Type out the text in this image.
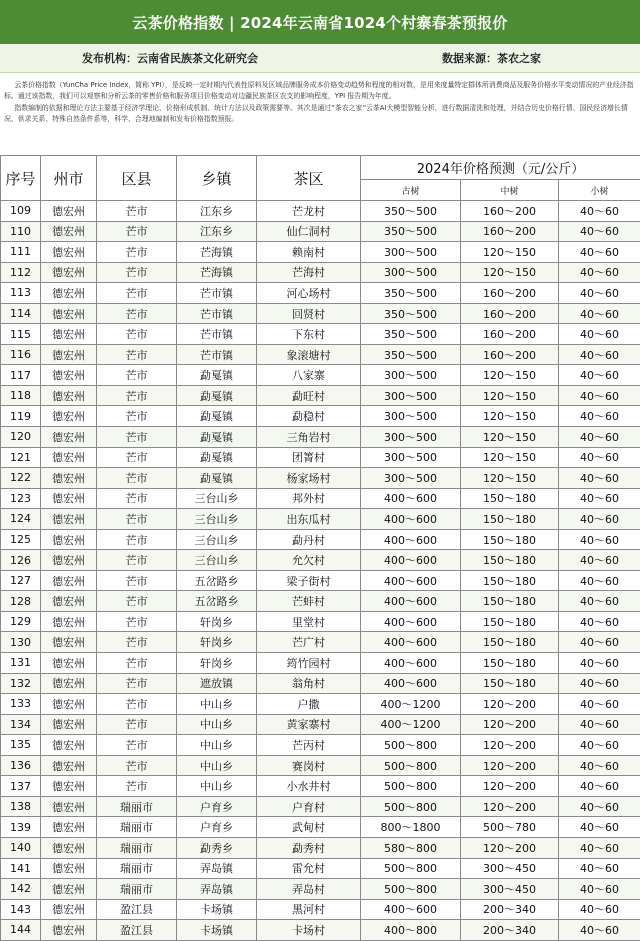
云茶价格指数 | 2024年云南省1024个村寨春茶预报价
发布机构：云南省民族茶文化研究会	数据来源：茶农之家

云茶价格指数（YunCha Price Index，简称 YPI），是反映一定时期内代表性原料及区域品牌服务成本价格变动趋势和程度的相对数，是用来度量特定群体所消费商品及服务价格水平变动情况的产业经济指标。通过该指数，我们可以观察和分析云茶的零售价格和服务项目价格变动对边疆民族茶区农支的影响程度，YPI 报告期为年度。

指数编制的依据和理论方法主要基于经济学理论、价格形成机制、统计方法以及政策需要等。其次是通过“茶农之家”云茶AI大模型智能分析，进行数据清洗和处理，并结合历史价格行情、国民经济增长情况、供求关系、特殊自然条件系等，科学、合理地编制和发布价格指数预报。

序号	州市	区县	乡镇	茶区	2024年价格预测（元/公斤）		
					古树	中树	小树
109	德宏州	芒市	江东乡	芒龙村	350～500	160～200	40～60
110	德宏州	芒市	江东乡	仙仁洞村	350～500	160～200	40～60
111	德宏州	芒市	芒海镇	赖南村	300～500	120～150	40～60
112	德宏州	芒市	芒海镇	芒海村	300～500	120～150	40～60
113	德宏州	芒市	芒市镇	河心场村	350～500	160～200	40～60
114	德宏州	芒市	芒市镇	回贤村	350～500	160～200	40～60
115	德宏州	芒市	芒市镇	下东村	350～500	160～200	40～60
116	德宏州	芒市	芒市镇	象滚塘村	350～500	160～200	40～60
117	德宏州	芒市	勐戛镇	八家寨	300～500	120～150	40～60
118	德宏州	芒市	勐戛镇	勐旺村	300～500	120～150	40～60
119	德宏州	芒市	勐戛镇	勐稳村	300～500	120～150	40～60
120	德宏州	芒市	勐戛镇	三角岩村	300～500	120～150	40～60
121	德宏州	芒市	勐戛镇	团箐村	300～500	120～150	40～60
122	德宏州	芒市	勐戛镇	杨家场村	300～500	120～150	40～60
123	德宏州	芒市	三台山乡	邦外村	400～600	150～180	40～60
124	德宏州	芒市	三台山乡	出东瓜村	400～600	150～180	40～60
125	德宏州	芒市	三台山乡	勐丹村	400～600	150～180	40～60
126	德宏州	芒市	三台山乡	允欠村	400～600	150～180	40～60
127	德宏州	芒市	五岔路乡	梁子街村	400～600	150～180	40～60
128	德宏州	芒市	五岔路乡	芒蚌村	400～600	150～180	40～60
129	德宏州	芒市	轩岗乡	里堂村	400～600	150～180	40～60
130	德宏州	芒市	轩岗乡	芒广村	400～600	150～180	40～60
131	德宏州	芒市	轩岗乡	筠竹园村	400～600	150～180	40～60
132	德宏州	芒市	遮放镇	翁角村	400～600	150～180	40～60
133	德宏州	芒市	中山乡	户撒	400～1200	120～200	40～60
134	德宏州	芒市	中山乡	黄家寨村	400～1200	120～200	40～60
135	德宏州	芒市	中山乡	芒丙村	500～800	120～200	40～60
136	德宏州	芒市	中山乡	赛岗村	500～800	120～200	40～60
137	德宏州	芒市	中山乡	小水井村	500～800	120～200	40～60
138	德宏州	瑞丽市	户育乡	户育村	500～800	120～200	40～60
139	德宏州	瑞丽市	户育乡	武甸村	800～1800	500～780	40～60
140	德宏州	瑞丽市	勐秀乡	勐秀村	580～800	120～200	40～60
141	德宏州	瑞丽市	弄岛镇	雷允村	500～800	300～450	40～60
142	德宏州	瑞丽市	弄岛镇	弄岛村	500～800	300～450	40～60
143	德宏州	盈江县	卡场镇	黑河村	400～600	200～340	40～60
144	德宏州	盈江县	卡场镇	卡场村	400～800	200～340	40～60
